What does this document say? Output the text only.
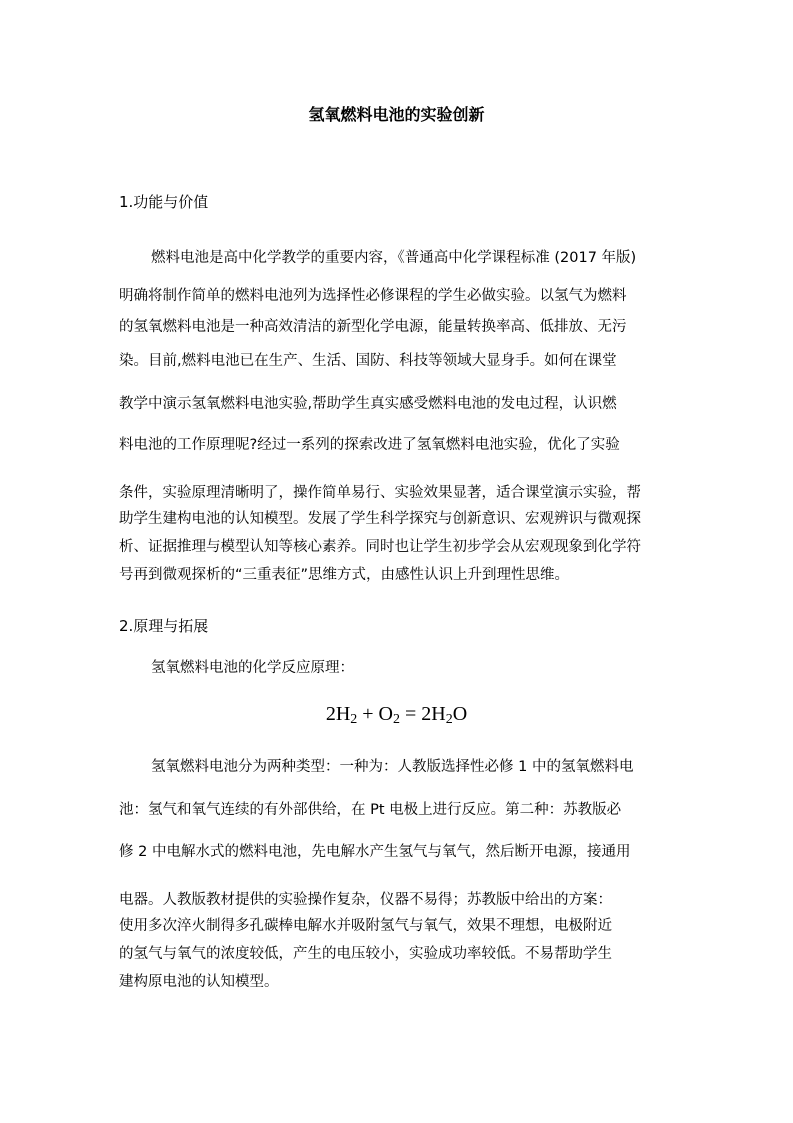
氢氧燃料电池的实验创新
1.功能与价值
燃料电池是高中化学教学的重要内容，《普通高中化学课程标准 (2017 年版)
明确将制作简单的燃料电池列为选择性必修课程的学生必做实验。以氢气为燃料
的氢氧燃料电池是一种高效清洁的新型化学电源，能量转换率高、低排放、无污
染。目前,燃料电池已在生产、生活、国防、科技等领域大显身手。如何在课堂
教学中演示氢氧燃料电池实验,帮助学生真实感受燃料电池的发电过程，认识燃
料电池的工作原理呢?经过一系列的探索改进了氢氧燃料电池实验，优化了实验
条件，实验原理清晰明了，操作简单易行、实验效果显著，适合课堂演示实验，帮
助学生建构电池的认知模型。发展了学生科学探究与创新意识、宏观辨识与微观探
析、证据推理与模型认知等核心素养。同时也让学生初步学会从宏观现象到化学符
号再到微观探析的“三重表征”思维方式，由感性认识上升到理性思维。
2.原理与拓展
氢氧燃料电池的化学反应原理：
$2H_2 + O_2 = 2H_2O$
氢氧燃料电池分为两种类型：一种为：人教版选择性必修 1 中的氢氧燃料电
池：氢气和氧气连续的有外部供给，在 Pt 电极上进行反应。第二种：苏教版必
修 2 中电解水式的燃料电池，先电解水产生氢气与氧气，然后断开电源，接通用
电器。人教版教材提供的实验操作复杂，仪器不易得；苏教版中给出的方案：
使用多次淬火制得多孔碳棒电解水并吸附氢气与氧气，效果不理想，电极附近
的氢气与氧气的浓度较低，产生的电压较小，实验成功率较低。不易帮助学生
建构原电池的认知模型。
